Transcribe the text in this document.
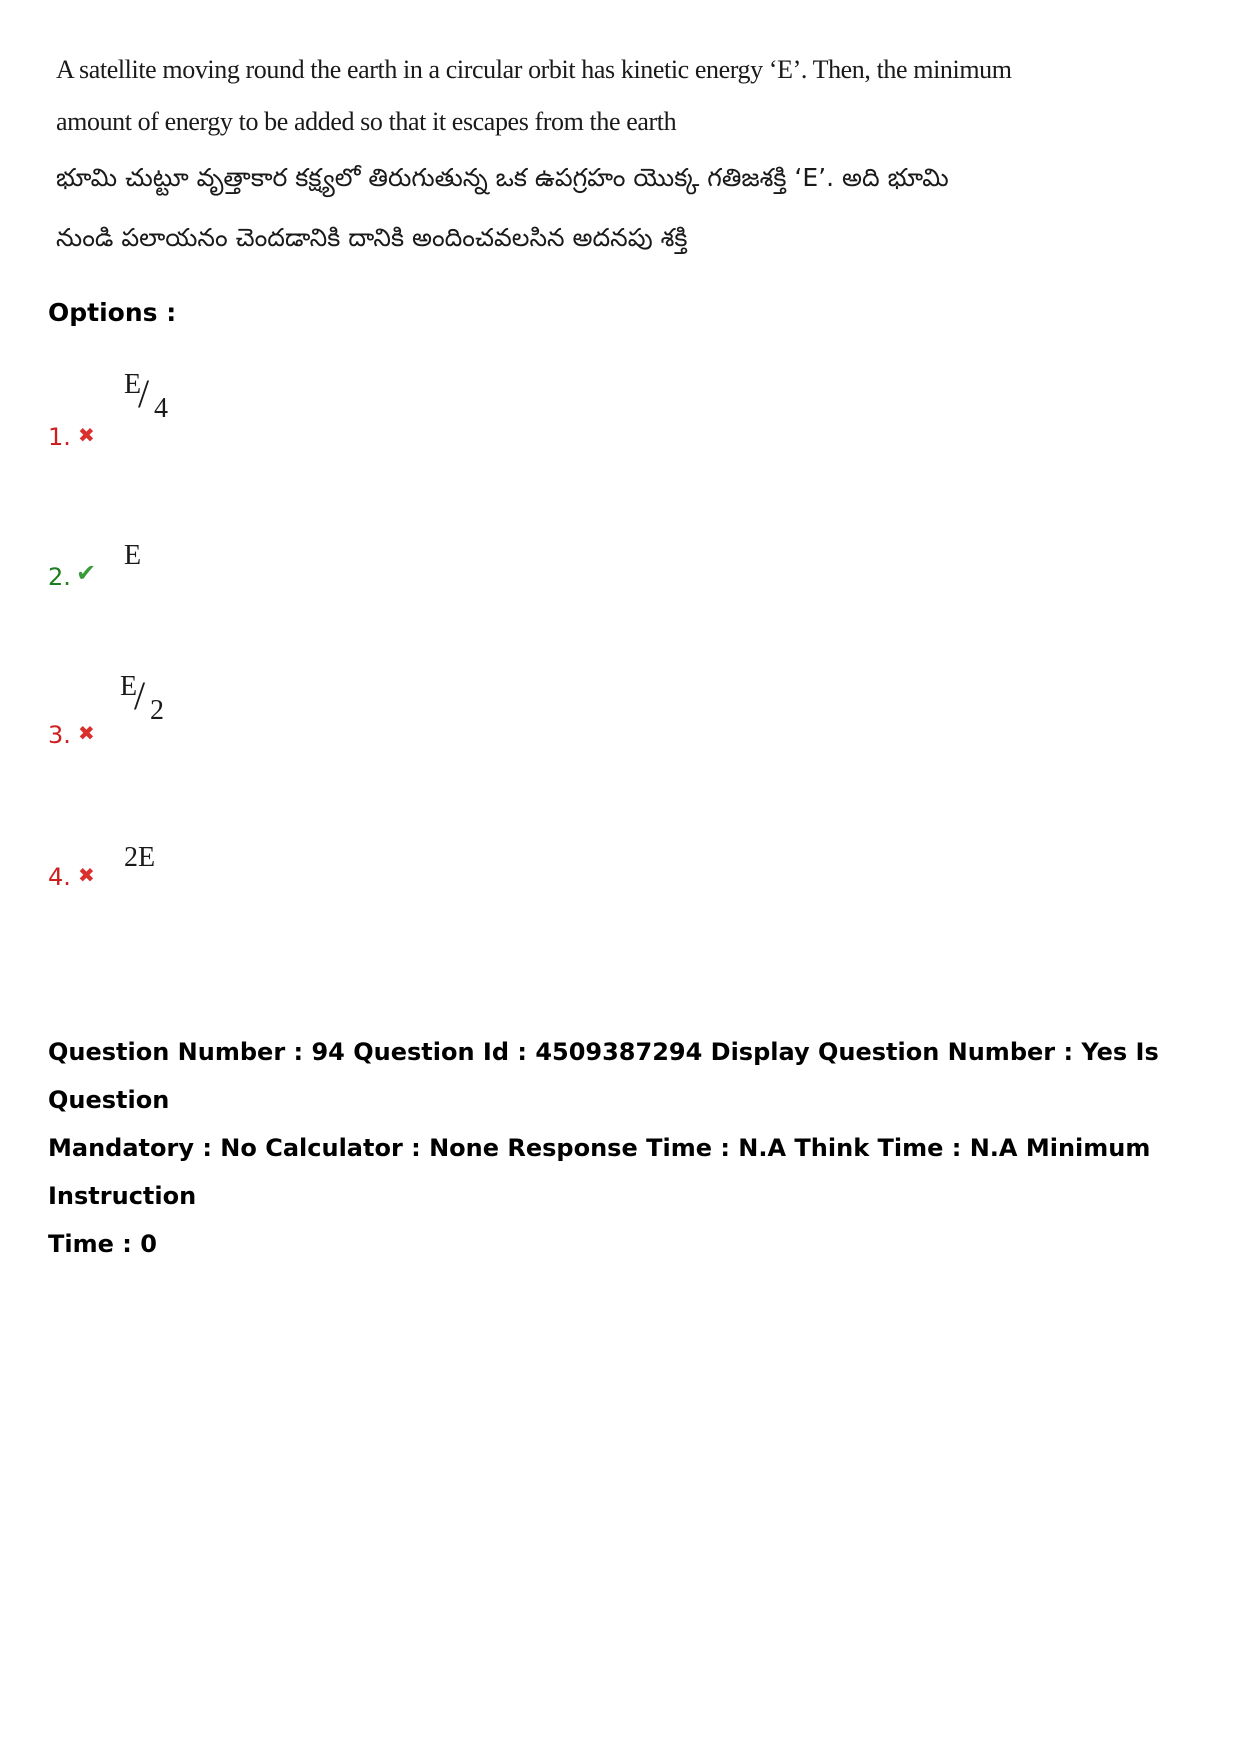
A satellite moving round the earth in a circular orbit has kinetic energy ‘E’. Then, the minimum
amount of energy to be added so that it escapes from the earth
భూమి చుట్టూ వృత్తాకార కక్ష్యలో తిరుగుతున్న ఒక ఉపగ్రహం యొక్క గతిజశక్తి ‘E’. అది భూమి
నుండి పలాయనం చెందడానికి దానికి అందించవలసిన అదనపు శక్తి
Options :
1. ✖
E
/ 4
2. ✔
E
3. ✖
E
/ 2
4. ✖
2E
Question Number : 94 Question Id : 4509387294 Display Question Number : Yes Is Question
Mandatory : No Calculator : None Response Time : N.A Think Time : N.A Minimum Instruction
Time : 0
